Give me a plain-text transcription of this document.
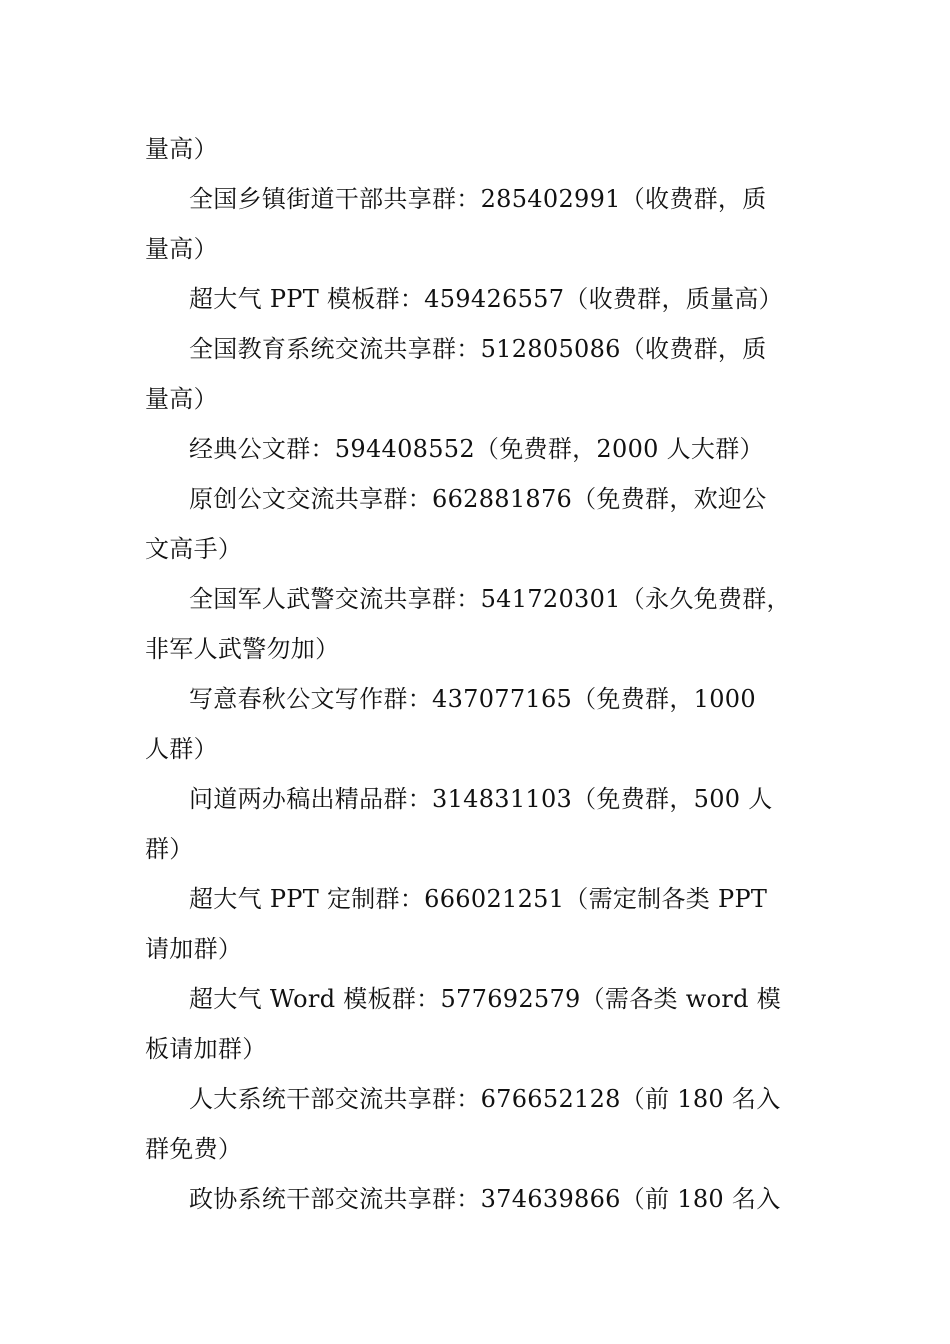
量高）

全国乡镇街道干部共享群：285402991（收费群，质
量高）

超大气 PPT 模板群：459426557（收费群，质量高）

全国教育系统交流共享群：512805086（收费群，质
量高）

经典公文群：594408552（免费群，2000 人大群）

原创公文交流共享群：662881876（免费群，欢迎公
文高手）

全国军人武警交流共享群：541720301（永久免费群，
非军人武警勿加）

写意春秋公文写作群：437077165（免费群，1000
人群）

问道两办稿出精品群：314831103（免费群，500 人
群）

超大气 PPT 定制群：666021251（需定制各类 PPT
请加群）

超大气 Word 模板群：577692579（需各类 word 模
板请加群）

人大系统干部交流共享群：676652128（前 180 名入
群免费）

政协系统干部交流共享群：374639866（前 180 名入
